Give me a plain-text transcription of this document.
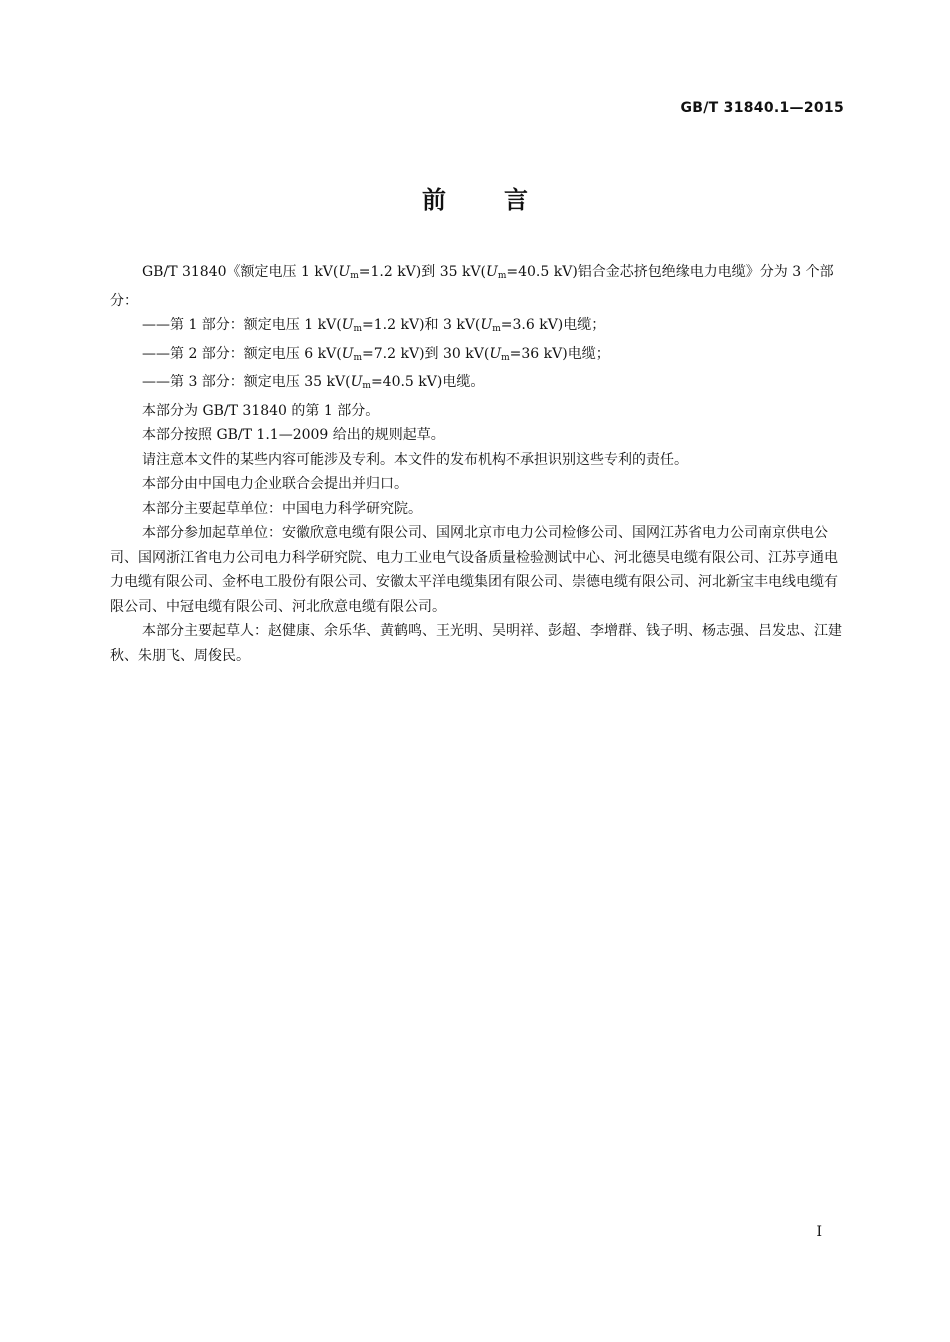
GB/T 31840.1—2015
前言

GB/T 31840《额定电压 1 $kV(U_m=1.2$ kV)到 35 $kV(U_m=40.5$ kV)铝合金芯挤包绝缘电力电缆》分为 3 个部分：

——第 1 部分：额定电压 1 $kV(U_m=1.2$ kV)和 3 $kV(U_m=3.6$ kV)电缆；

——第 2 部分：额定电压 6 $kV(U_m=7.2$ kV)到 30 $kV(U_m=36$ kV)电缆；

——第 3 部分：额定电压 35 $kV(U_m=40.5$ kV)电缆。

本部分为 GB/T 31840 的第 1 部分。

本部分按照 GB/T 1.1—2009 给出的规则起草。

请注意本文件的某些内容可能涉及专利。本文件的发布机构不承担识别这些专利的责任。

本部分由中国电力企业联合会提出并归口。

本部分主要起草单位：中国电力科学研究院。

本部分参加起草单位：安徽欣意电缆有限公司、国网北京市电力公司检修公司、国网江苏省电力公司南京供电公司、国网浙江省电力公司电力科学研究院、电力工业电气设备质量检验测试中心、河北德昊电缆有限公司、江苏亨通电力电缆有限公司、金杯电工股份有限公司、安徽太平洋电缆集团有限公司、崇德电缆有限公司、河北新宝丰电线电缆有限公司、中冠电缆有限公司、河北欣意电缆有限公司。

本部分主要起草人：赵健康、余乐华、黄鹤鸣、王光明、吴明祥、彭超、李增群、钱子明、杨志强、吕发忠、江建秋、朱朋飞、周俊民。

I
